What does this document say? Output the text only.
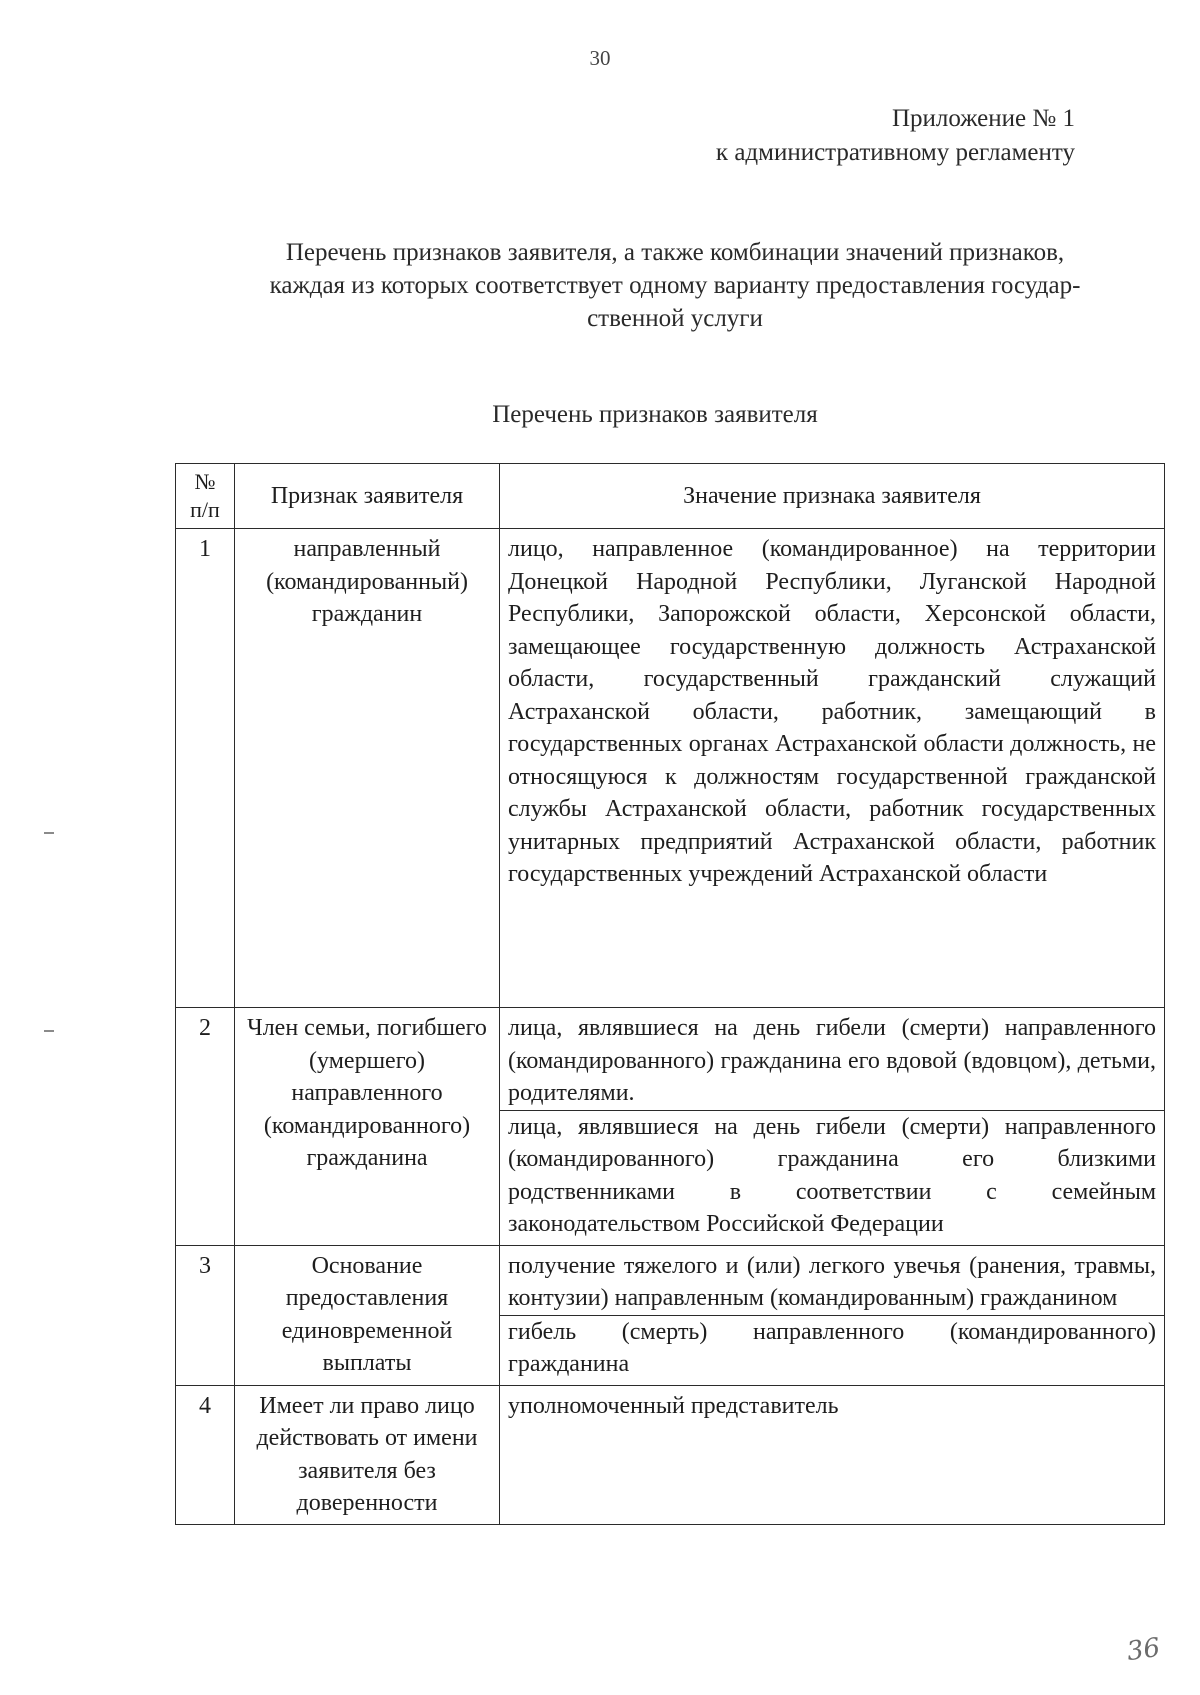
30
Приложение № 1
к административному регламенту
Перечень признаков заявителя, а также комбинации значений признаков,
каждая из которых соответствует одному варианту предоставления государ-
ственной услуги
Перечень признаков заявителя
№ п/п	Признак заявителя	Значение признака заявителя
1	направленный (командированный) гражданин	лицо, направленное (командированное) на территории Донецкой Народной Республики, Луганской Народной Республики, Запорожской области, Херсонской области, замещающее государственную должность Астраханской области, государственный гражданский служащий Астраханской области, работник, замещающий в государственных органах Астраханской области должность, не относящуюся к должностям государственной гражданской службы Астраханской области, работник государственных унитарных предприятий Астраханской области, работник государственных учреждений Астраханской области

2	Член семьи, погибшего (умершего) направленного (командированного) гражданина	лица, являвшиеся на день гибели (смерти) направленного (командированного) гражданина его вдовой (вдовцом), детьми, родителями.
лица, являвшиеся на день гибели (смерти) направленного (командированного) гражданина его близкими родственниками в соответствии с семейным законодательством Российской Федерации

3	Основание предоставления единовременной выплаты	получение тяжелого и (или) легкого увечья (ранения, травмы, контузии) направленным (командированным) гражданином
гибель (смерть) направленного (командированного) гражданина

4	Имеет ли право лицо действовать от имени заявителя без доверенности	уполномоченный представитель
36
